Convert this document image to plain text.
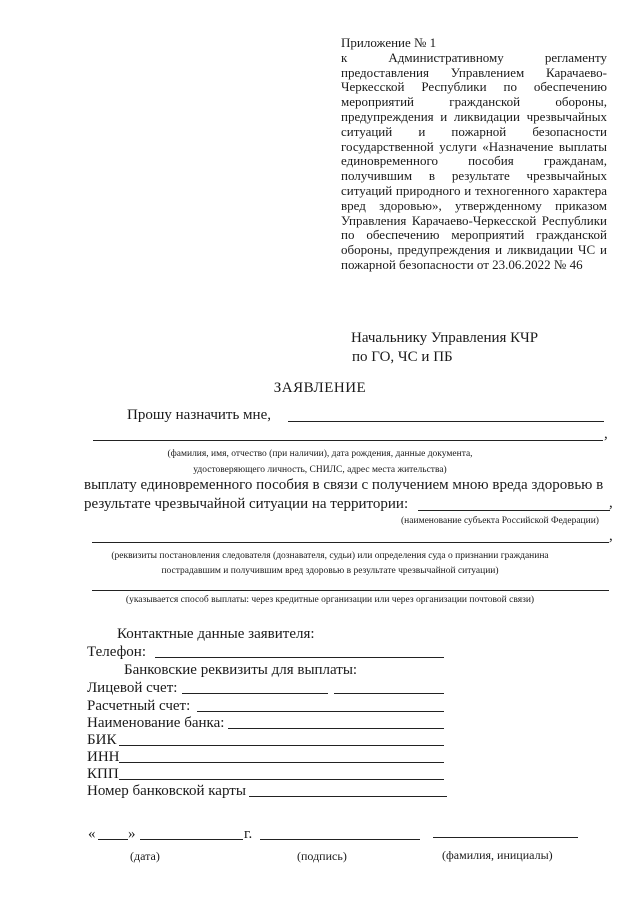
Приложение № 1

к Административному регламенту предоставления Управлением Карачаево-Черкесской Республики по обеспечению мероприятий гражданской обороны, предупреждения и ликвидации чрезвычайных ситуаций и пожарной безопасности государственной услуги «Назначение выплаты единовременного пособия гражданам, получившим в результате чрезвычайных ситуаций природного и техногенного характера вред здоровью», утвержденному приказом Управления Карачаево-Черкесской Республики по обеспечению мероприятий гражданской обороны, предупреждения и ликвидации ЧС и пожарной безопасности от 23.06.2022 № 46

Начальнику Управления КЧР
по ГО, ЧС и ПБ
ЗАЯВЛЕНИЕ
Прошу назначить мне,
,
(фамилия, имя, отчество (при наличии), дата рождения, данные документа,
удостоверяющего личность, СНИЛС, адрес места жительства)
выплату единовременного пособия в связи с получением мною вреда здоровью в
результате чрезвычайной ситуации на территории:	,
(наименование субъекта Российской Федерации)
,
(реквизиты постановления следователя (дознавателя, судьи) или определения суда о признании гражданина
пострадавшим и получившим вред здоровью в результате чрезвычайной ситуации)
(указывается способ выплаты: через кредитные организации или через организации почтовой связи)
Контактные данные заявителя:
Телефон:
Банковские реквизиты для выплаты:
Лицевой счет:
Расчетный счет:
Наименование банка:
БИК
ИНН
КПП
Номер банковской карты
« »	г.
(дата)	(подпись)	(фамилия, инициалы)
